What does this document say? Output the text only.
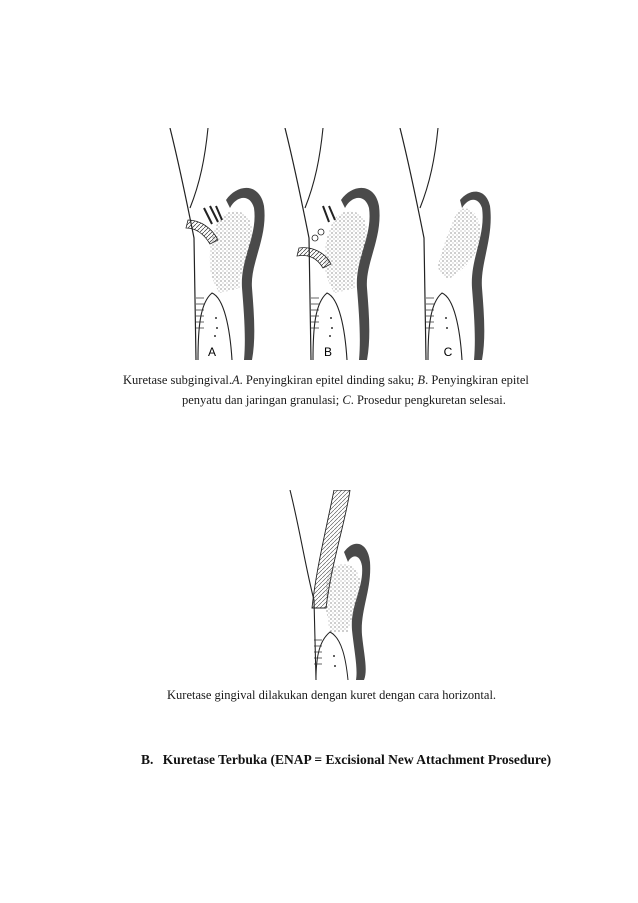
A	B	C
Kuretase subgingival.A. Penyingkiran epitel dinding saku; B. Penyingkiran epitel
penyatu dan jaringan granulasi; C. Prosedur pengkuretan selesai.
Kuretase gingival dilakukan dengan kuret dengan cara horizontal.
B. Kuretase Terbuka (ENAP = Excisional New Attachment Prosedure)
